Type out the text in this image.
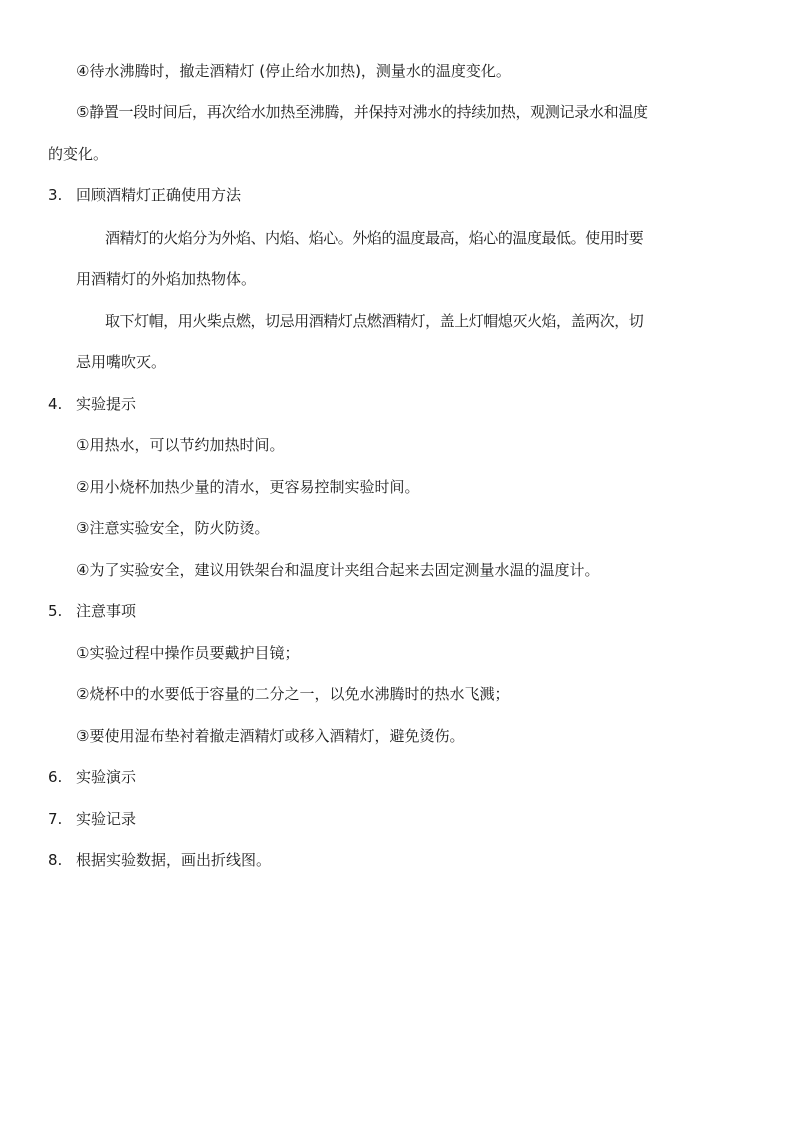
④待水沸腾时，撤走酒精灯 (停止给水加热)，测量水的温度变化。
⑤静置一段时间后，再次给水加热至沸腾，并保持对沸水的持续加热，观测记录水和温度
的变化。
3. 回顾酒精灯正确使用方法
酒精灯的火焰分为外焰、内焰、焰心。外焰的温度最高，焰心的温度最低。使用时要
用酒精灯的外焰加热物体。
取下灯帽，用火柴点燃，切忌用酒精灯点燃酒精灯，盖上灯帽熄灭火焰，盖两次，切
忌用嘴吹灭。
4. 实验提示
①用热水，可以节约加热时间。
②用小烧杯加热少量的清水，更容易控制实验时间。
③注意实验安全，防火防烫。
④为了实验安全，建议用铁架台和温度计夹组合起来去固定测量水温的温度计。
5. 注意事项
①实验过程中操作员要戴护目镜；
②烧杯中的水要低于容量的二分之一，以免水沸腾时的热水飞溅；
③要使用湿布垫衬着撤走酒精灯或移入酒精灯，避免烫伤。
6. 实验演示
7. 实验记录
8. 根据实验数据，画出折线图。
